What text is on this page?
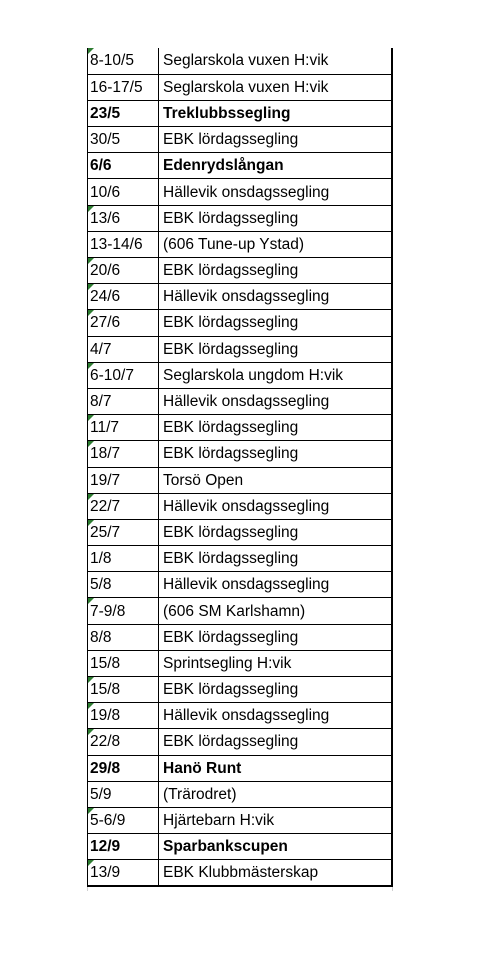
8-10/5	Seglarskola vuxen H:vik
16-17/5	Seglarskola vuxen H:vik
23/5	Treklubbssegling
30/5	EBK lördagssegling
6/6	Edenrydslångan
10/6	Hällevik onsdagssegling

13/6	EBK lördagssegling
13-14/6	(606 Tune-up Ystad)

20/6	EBK lördagssegling

24/6	Hällevik onsdagssegling

27/6	EBK lördagssegling
4/7	EBK lördagssegling

6-10/7	Seglarskola ungdom H:vik
8/7	Hällevik onsdagssegling

11/7	EBK lördagssegling

18/7	EBK lördagssegling
19/7	Torsö Open

22/7	Hällevik onsdagssegling

25/7	EBK lördagssegling
1/8	EBK lördagssegling
5/8	Hällevik onsdagssegling

7-9/8	(606 SM Karlshamn)
8/8	EBK lördagssegling
15/8	Sprintsegling H:vik

15/8	EBK lördagssegling

19/8	Hällevik onsdagssegling

22/8	EBK lördagssegling
29/8	Hanö Runt
5/9	(Trärodret)

5-6/9	Hjärtebarn H:vik
12/9	Sparbankscupen

13/9	EBK Klubbmästerskap
